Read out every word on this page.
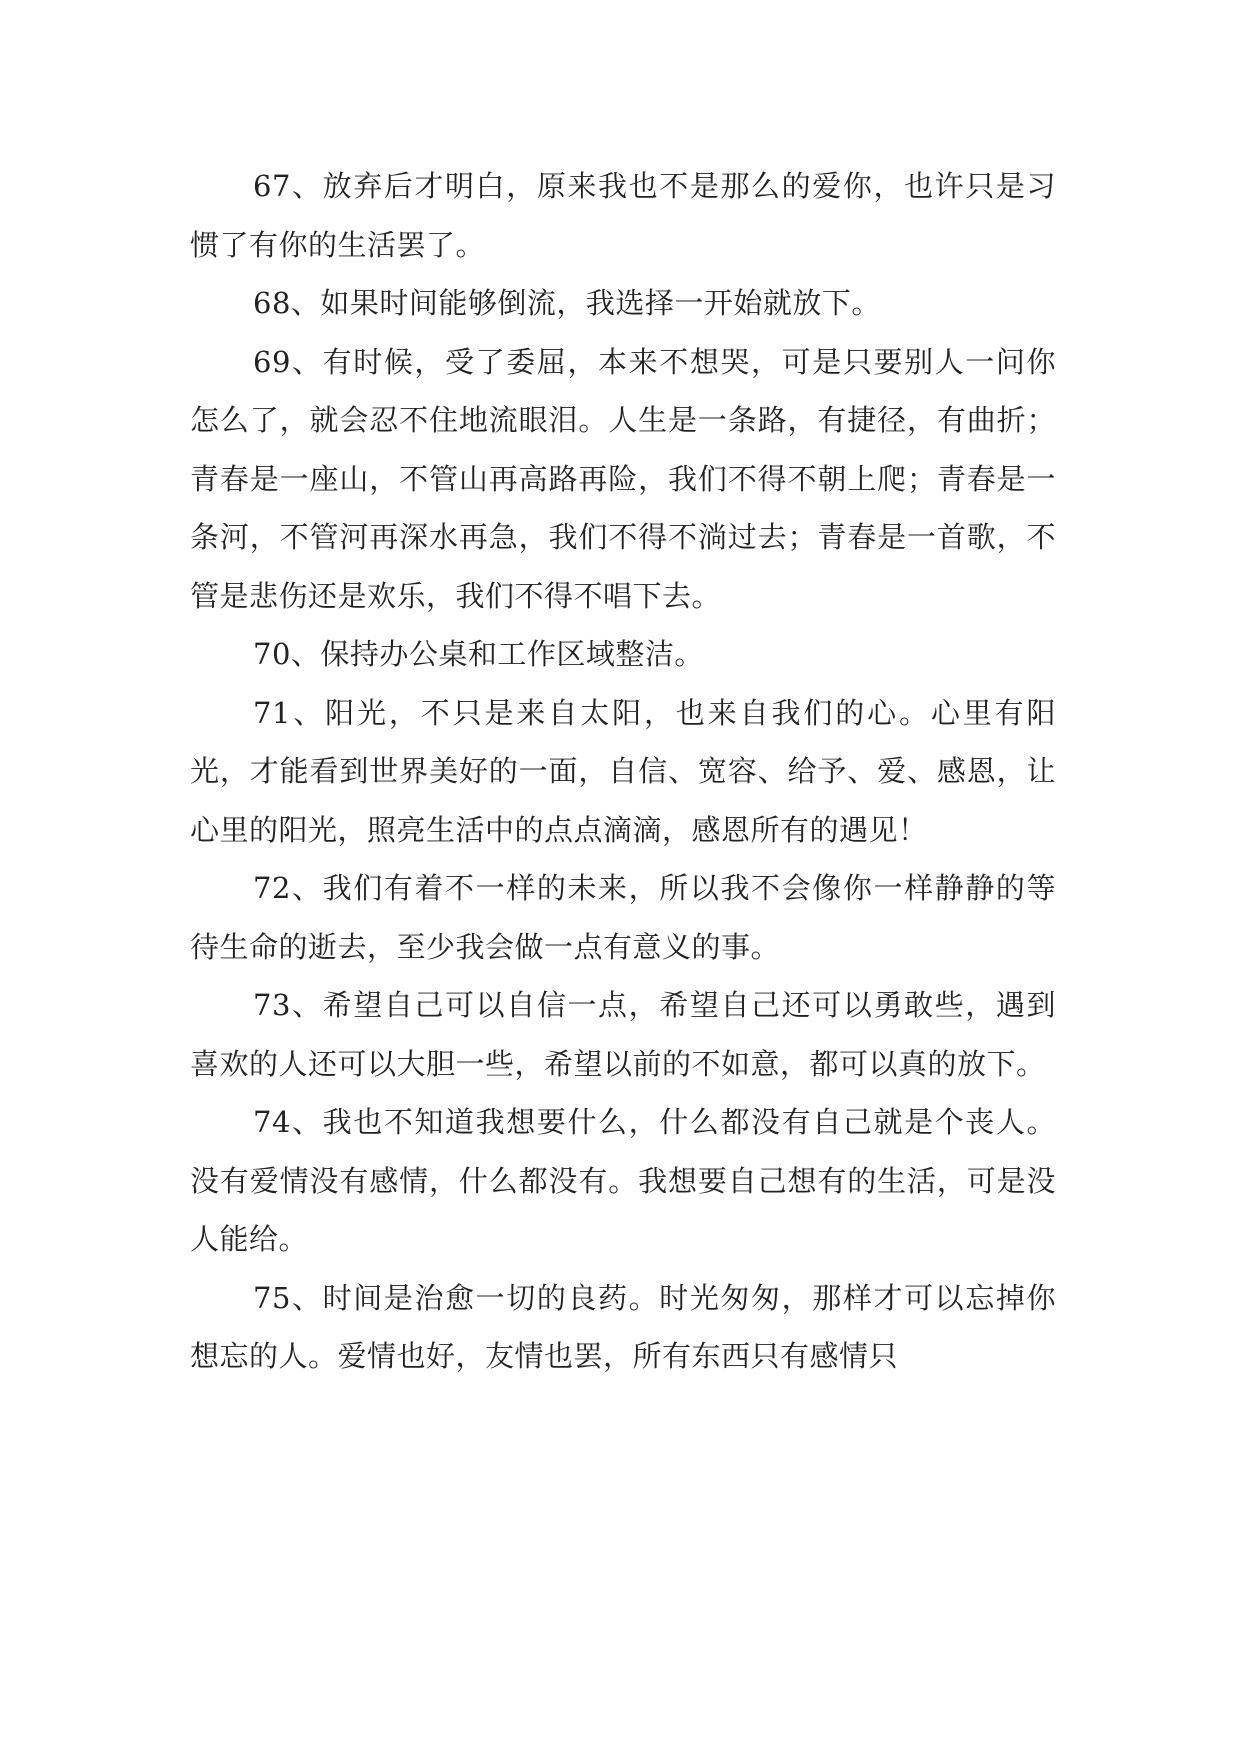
67、放弃后才明白，原来我也不是那么的爱你，也许只是习惯了有你的生活罢了。

68、如果时间能够倒流，我选择一开始就放下。

69、有时候，受了委屈，本来不想哭，可是只要别人一问你怎么了，就会忍不住地流眼泪。人生是一条路，有捷径，有曲折；青春是一座山，不管山再高路再险，我们不得不朝上爬；青春是一条河，不管河再深水再急，我们不得不淌过去；青春是一首歌，不管是悲伤还是欢乐，我们不得不唱下去。

70、保持办公桌和工作区域整洁。

71、阳光，不只是来自太阳，也来自我们的心。心里有阳光，才能看到世界美好的一面，自信、宽容、给予、爱、感恩，让心里的阳光，照亮生活中的点点滴滴，感恩所有的遇见！

72、我们有着不一样的未来，所以我不会像你一样静静的等待生命的逝去，至少我会做一点有意义的事。

73、希望自己可以自信一点，希望自己还可以勇敢些，遇到喜欢的人还可以大胆一些，希望以前的不如意，都可以真的放下。

74、我也不知道我想要什么，什么都没有自己就是个丧人。没有爱情没有感情，什么都没有。我想要自己想有的生活，可是没人能给。

75、时间是治愈一切的良药。时光匆匆，那样才可以忘掉你想忘的人。爱情也好，友情也罢，所有东西只有感情只
